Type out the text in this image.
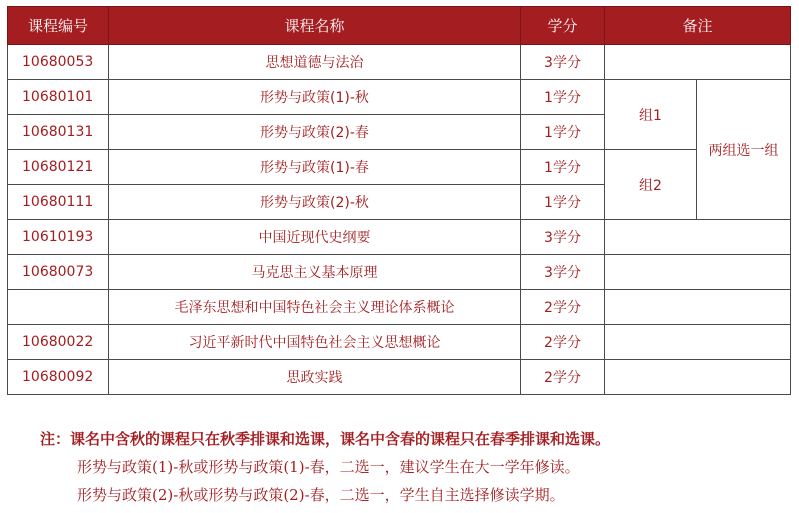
课程编号	课程名称	学分	备注	
10680053	思想道德与法治	3学分		
10680101	形势与政策(1)-秋	1学分	组1	两组选一组
10680131	形势与政策(2)-春	1学分		
10680121	形势与政策(1)-春	1学分	组2	
10680111	形势与政策(2)-秋	1学分		
10610193	中国近现代史纲要	3学分		
10680073	马克思主义基本原理	3学分		
	毛泽东思想和中国特色社会主义理论体系概论	2学分		
10680022	习近平新时代中国特色社会主义思想概论	2学分		
10680092	思政实践	2学分		
注：课名中含秋的课程只在秋季排课和选课，课名中含春的课程只在春季排课和选课。
形势与政策(1)-秋或形势与政策(1)-春，二选一，建议学生在大一学年修读。
形势与政策(2)-秋或形势与政策(2)-春，二选一，学生自主选择修读学期。
